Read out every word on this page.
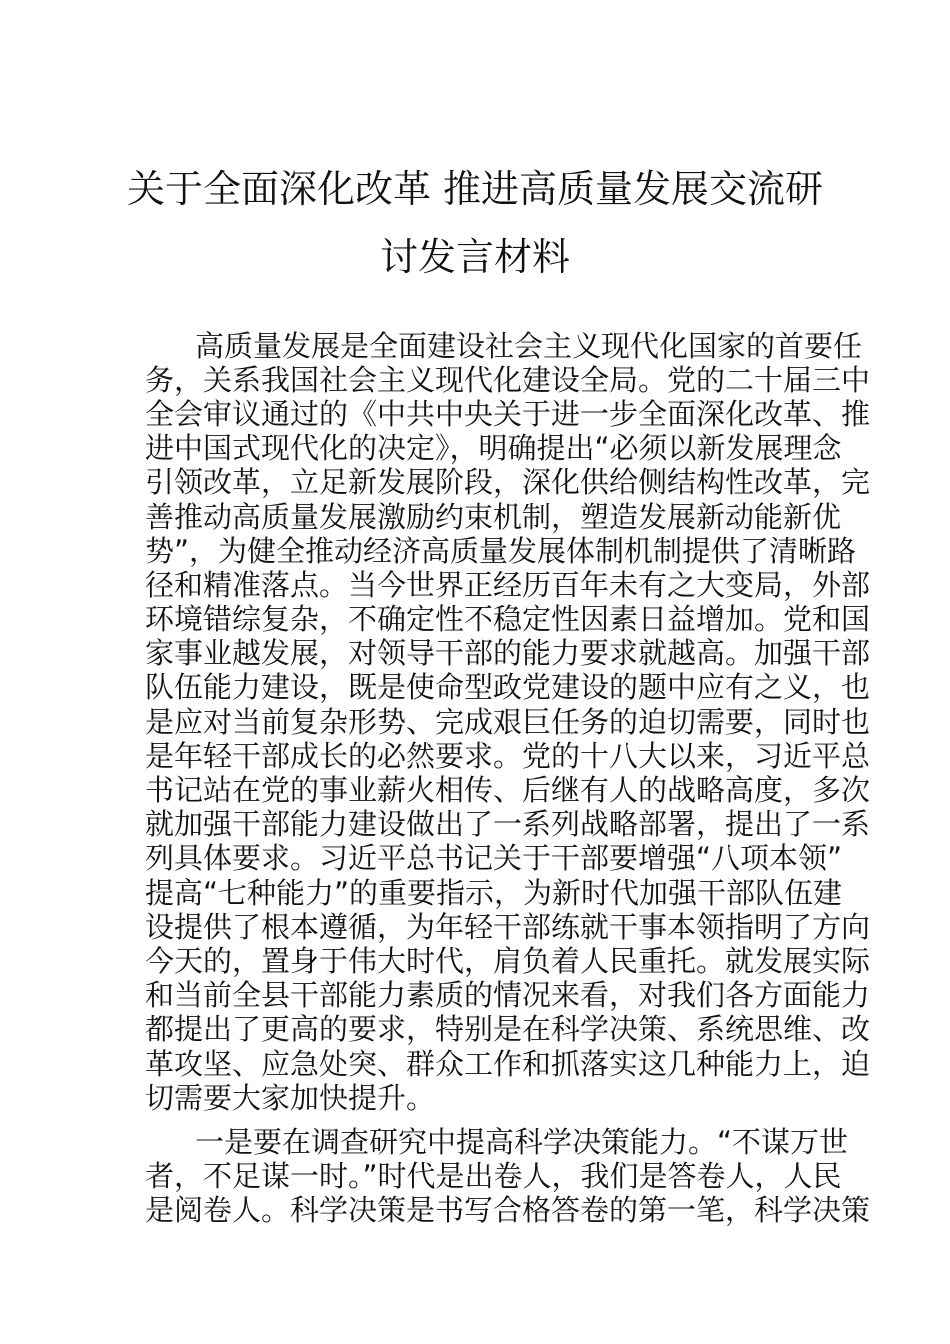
关于全面深化改革 推进高质量发展交流研
讨发言材料
高质量发展是全面建设社会主义现代化国家的首要任
务，关系我国社会主义现代化建设全局。党的二十届三中
全会审议通过的《中共中央关于进一步全面深化改革、推
进中国式现代化的决定》，明确提出“必须以新发展理念
引领改革，立足新发展阶段，深化供给侧结构性改革，完
善推动高质量发展激励约束机制，塑造发展新动能新优
势”，为健全推动经济高质量发展体制机制提供了清晰路
径和精准落点。当今世界正经历百年未有之大变局，外部
环境错综复杂，不确定性不稳定性因素日益增加。党和国
家事业越发展，对领导干部的能力要求就越高。加强干部
队伍能力建设，既是使命型政党建设的题中应有之义，也
是应对当前复杂形势、完成艰巨任务的迫切需要，同时也
是年轻干部成长的必然要求。党的十八大以来，习近平总
书记站在党的事业薪火相传、后继有人的战略高度，多次
就加强干部能力建设做出了一系列战略部署，提出了一系
列具体要求。习近平总书记关于干部要增强“八项本领”
提高“七种能力”的重要指示，为新时代加强干部队伍建
设提供了根本遵循，为年轻干部练就干事本领指明了方向
今天的，置身于伟大时代，肩负着人民重托。就发展实际
和当前全县干部能力素质的情况来看，对我们各方面能力
都提出了更高的要求，特别是在科学决策、系统思维、改
革攻坚、应急处突、群众工作和抓落实这几种能力上，迫
切需要大家加快提升。
一是要在调查研究中提高科学决策能力。“不谋万世
者，不足谋一时。”时代是出卷人，我们是答卷人，人民
是阅卷人。科学决策是书写合格答卷的第一笔，科学决策
